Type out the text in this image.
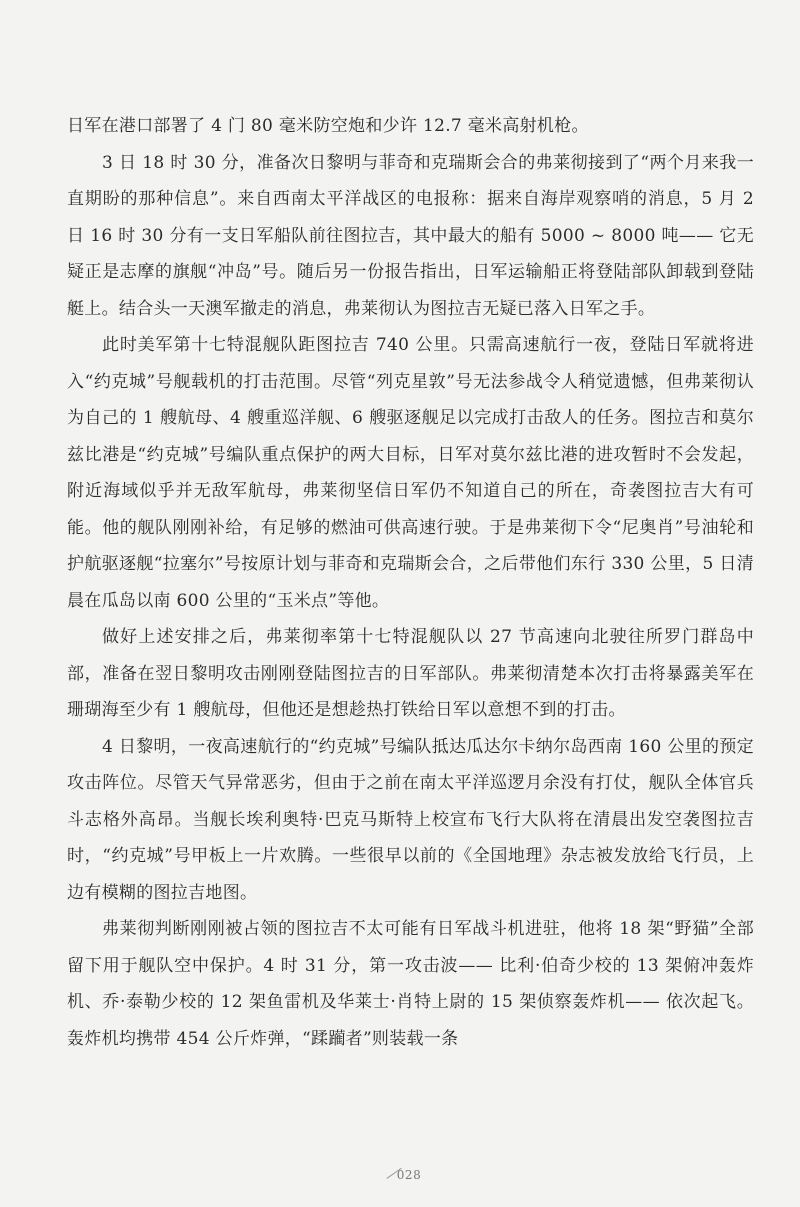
日军在港口部署了 4 门 80 毫米防空炮和少许 12.7 毫米高射机枪。

3 日 18 时 30 分，准备次日黎明与菲奇和克瑞斯会合的弗莱彻接到了“两个月来我一直期盼的那种信息”。来自西南太平洋战区的电报称：据来自海岸观察哨的消息，5 月 2 日 16 时 30 分有一支日军船队前往图拉吉，其中最大的船有 5000 ~ 8000 吨—— 它无疑正是志摩的旗舰“冲岛”号。随后另一份报告指出，日军运输船正将登陆部队卸载到登陆艇上。结合头一天澳军撤走的消息，弗莱彻认为图拉吉无疑已落入日军之手。

此时美军第十七特混舰队距图拉吉 740 公里。只需高速航行一夜，登陆日军就将进入“约克城”号舰载机的打击范围。尽管“列克星敦”号无法参战令人稍觉遗憾，但弗莱彻认为自己的 1 艘航母、4 艘重巡洋舰、6 艘驱逐舰足以完成打击敌人的任务。图拉吉和莫尔兹比港是“约克城”号编队重点保护的两大目标，日军对莫尔兹比港的进攻暂时不会发起，附近海域似乎并无敌军航母，弗莱彻坚信日军仍不知道自己的所在，奇袭图拉吉大有可能。他的舰队刚刚补给，有足够的燃油可供高速行驶。于是弗莱彻下令“尼奥肖”号油轮和护航驱逐舰“拉塞尔”号按原计划与菲奇和克瑞斯会合，之后带他们东行 330 公里，5 日清晨在瓜岛以南 600 公里的“玉米点”等他。

做好上述安排之后，弗莱彻率第十七特混舰队以 27 节高速向北驶往所罗门群岛中部，准备在翌日黎明攻击刚刚登陆图拉吉的日军部队。弗莱彻清楚本次打击将暴露美军在珊瑚海至少有 1 艘航母，但他还是想趁热打铁给日军以意想不到的打击。

4 日黎明，一夜高速航行的“约克城”号编队抵达瓜达尔卡纳尔岛西南 160 公里的预定攻击阵位。尽管天气异常恶劣，但由于之前在南太平洋巡逻月余没有打仗，舰队全体官兵斗志格外高昂。当舰长埃利奥特·巴克马斯特上校宣布飞行大队将在清晨出发空袭图拉吉时，“约克城”号甲板上一片欢腾。一些很早以前的《全国地理》杂志被发放给飞行员，上边有模糊的图拉吉地图。

弗莱彻判断刚刚被占领的图拉吉不太可能有日军战斗机进驻，他将 18 架“野猫”全部留下用于舰队空中保护。4 时 31 分，第一攻击波—— 比利·伯奇少校的 13 架俯冲轰炸机、乔·泰勒少校的 12 架鱼雷机及华莱士·肖特上尉的 15 架侦察轰炸机—— 依次起飞。轰炸机均携带 454 公斤炸弹，“蹂躏者”则装载一条

028
